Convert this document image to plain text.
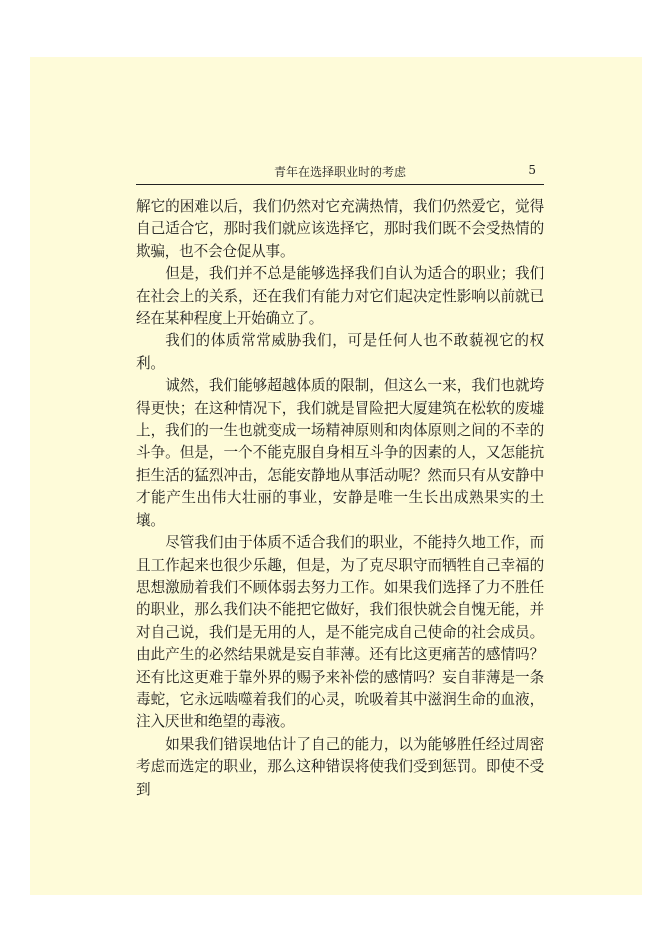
青年在选择职业时的考虑	5

解它的困难以后，我们仍然对它充满热情，我们仍然爱它，觉得自己适合它，那时我们就应该选择它，那时我们既不会受热情的欺骗，也不会仓促从事。

但是，我们并不总是能够选择我们自认为适合的职业；我们在社会上的关系，还在我们有能力对它们起决定性影响以前就已经在某种程度上开始确立了。

我们的体质常常威胁我们，可是任何人也不敢藐视它的权利。

诚然，我们能够超越体质的限制，但这么一来，我们也就垮得更快；在这种情况下，我们就是冒险把大厦建筑在松软的废墟上，我们的一生也就变成一场精神原则和肉体原则之间的不幸的斗争。但是，一个不能克服自身相互斗争的因素的人，又怎能抗拒生活的猛烈冲击，怎能安静地从事活动呢？然而只有从安静中才能产生出伟大壮丽的事业，安静是唯一生长出成熟果实的土壤。

尽管我们由于体质不适合我们的职业，不能持久地工作，而且工作起来也很少乐趣，但是，为了克尽职守而牺牲自己幸福的思想激励着我们不顾体弱去努力工作。如果我们选择了力不胜任的职业，那么我们决不能把它做好，我们很快就会自愧无能，并对自己说，我们是无用的人，是不能完成自己使命的社会成员。由此产生的必然结果就是妄自菲薄。还有比这更痛苦的感情吗？还有比这更难于靠外界的赐予来补偿的感情吗？妄自菲薄是一条毒蛇，它永远啮噬着我们的心灵，吮吸着其中滋润生命的血液，注入厌世和绝望的毒液。

如果我们错误地估计了自己的能力，以为能够胜任经过周密考虑而选定的职业，那么这种错误将使我们受到惩罚。即使不受到
